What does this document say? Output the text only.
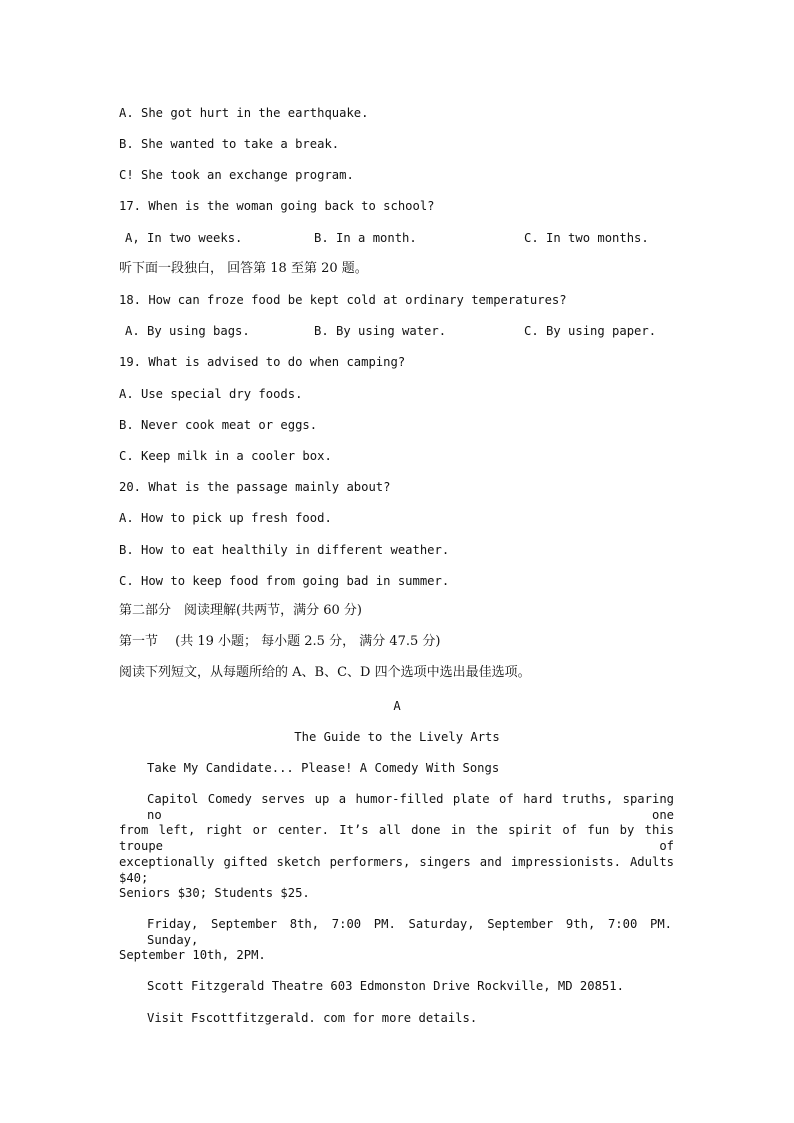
A. She got hurt in the earthquake.
B. She wanted to take a break.
C! She took an exchange program.
17. When is the woman going back to school?
A, In two weeks.	B. In a month.	C. In two months.
听下面一段独白， 回答第 18 至第 20 题。
18. How can froze food be kept cold at ordinary temperatures?
A. By using bags.	B. By using water.	C. By using paper.
19. What is advised to do when camping?
A. Use special dry foods.
B. Never cook meat or eggs.
C. Keep milk in a cooler box.
20. What is the passage mainly about?
A. How to pick up fresh food.
B. How to eat healthily in different weather.
C. How to keep food from going bad in summer.
第二部分　阅读理解(共两节，满分 60 分)
第一节　 (共 19 小题； 每小题 2.5 分， 满分 47.5 分)
阅读下列短文，从每题所给的 A、B、C、D 四个选项中选出最佳选项。
A
The Guide to the Lively Arts
Take My Candidate... Please! A Comedy With Songs
Capitol Comedy serves up a humor-filled plate of hard truths, sparing no one
from left, right or center. It’s all done in the spirit of fun by this troupe of
exceptionally gifted sketch performers, singers and impressionists. Adults $40;
Seniors $30; Students $25.
Friday, September 8th, 7:00 PM. Saturday, September 9th, 7:00 PM. Sunday,
September 10th, 2PM.
Scott Fitzgerald Theatre 603 Edmonston Drive Rockville, MD 20851.
Visit Fscottfitzgerald. com for more details.
